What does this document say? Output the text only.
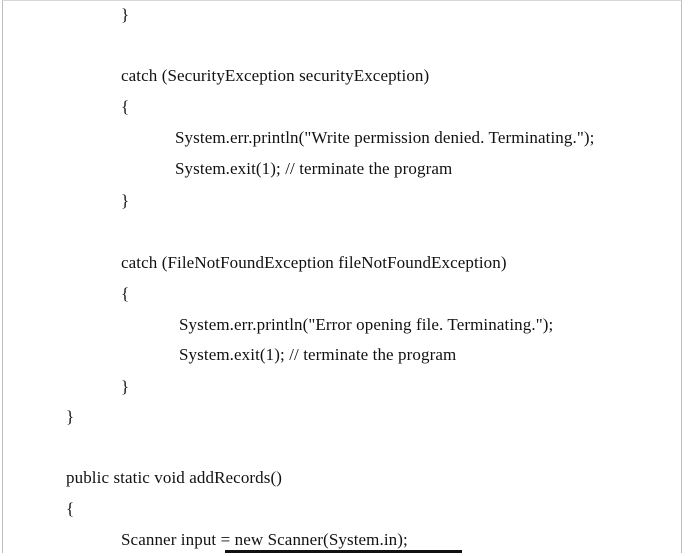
}
catch (SecurityException securityException)
{
System.err.println("Write permission denied. Terminating.");
System.exit(1); // terminate the program
}
catch (FileNotFoundException fileNotFoundException)
{
System.err.println("Error opening file. Terminating.");
System.exit(1); // terminate the program
}
}
public static void addRecords()
{
Scanner input = new Scanner(System.in);
